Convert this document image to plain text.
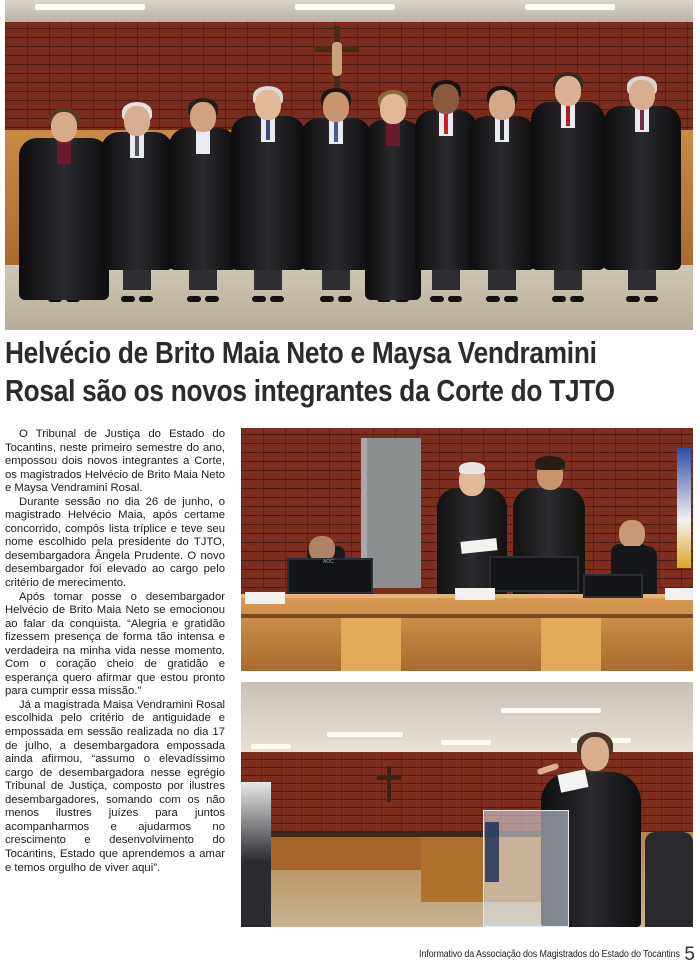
Helvécio de Brito Maia Neto e Maysa Vendramini
Rosal são os novos integrantes da Corte do TJTO

O Tribunal de Justiça do Estado do Tocantins, neste primeiro semestre do ano, empossou dois novos integrantes a Corte, os magistrados Helvécio de Brito Maia Neto e Maysa Vendramini Rosal.

Durante sessão no dia 26 de junho, o magistrado Helvécio Maia, após certame concorrido, compôs lista tríplice e teve seu nome escolhido pela presidente do TJTO, desembargadora Ângela Prudente. O novo desembargador foi elevado ao cargo pelo critério de merecimento.

Após tomar posse o desembargador Helvécio de Brito Maia Neto se emocionou ao falar da conquista. “Alegria e gratidão fizessem presença de forma tão intensa e verdadeira na minha vida nesse momento. Com o coração cheio de gratidão e esperança quero afirmar que estou pronto para cumprir essa missão.”

Já a magistrada Maisa Vendramini Rosal escolhida pelo critério de antiguidade e empossada em sessão realizada no dia 17 de julho, a desembargadora empossada ainda afirmou, “assumo o elevadíssimo cargo de desembargadora nesse egrégio Tribunal de Justiça, composto por ilustres desembargadores, somando com os não menos ilustres juízes para juntos acompanharmos e ajudarmos no crescimento e desenvolvimento do Tocantins, Estado que aprendemos a amar e temos orgulho de viver aqui”.

AOC
Informativo da Associação dos Magistrados do Estado do Tocantins 5
